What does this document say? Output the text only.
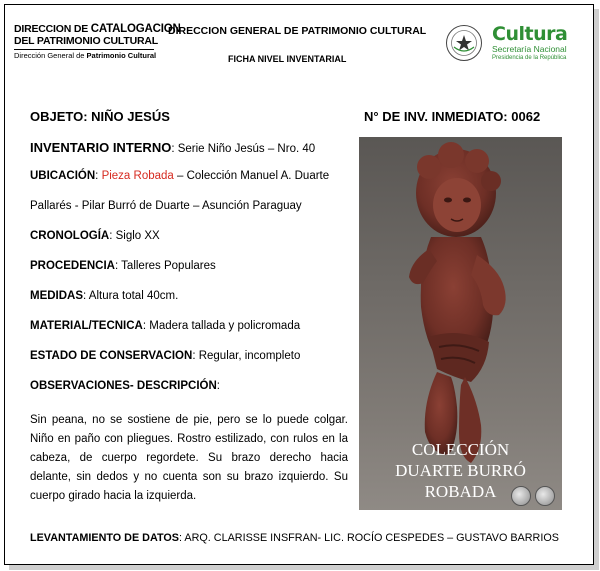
DIRECCION DE CATALOGACION
DEL PATRIMONIO CULTURAL
Dirección General de Patrimonio Cultural
DIRECCION GENERAL DE PATRIMONIO CULTURAL
FICHA NIVEL INVENTARIAL
Cultura
Secretaría Nacional
Presidencia de la República
OBJETO: NIÑO JESÚS	N° DE INV. INMEDIATO: 0062
INVENTARIO INTERNO: Serie Niño Jesús – Nro. 40
UBICACIÓN: Pieza Robada – Colección Manuel A. Duarte
Pallarés - Pilar Burró de Duarte – Asunción Paraguay
CRONOLOGÍA: Siglo XX
PROCEDENCIA: Talleres Populares
MEDIDAS: Altura total 40cm.
MATERIAL/TECNICA: Madera tallada y policromada
ESTADO DE CONSERVACION: Regular, incompleto
OBSERVACIONES- DESCRIPCIÓN:
Sin peana, no se sostiene de pie, pero se lo puede colgar. Niño en paño con pliegues. Rostro estilizado, con rulos en la cabeza, de cuerpo regordete. Su brazo derecho hacia delante, sin dedos y no cuenta son su brazo izquierdo. Su cuerpo girado hacia la izquierda.
COLECCIÓN
DUARTE BURRÓ
ROBADA
LEVANTAMIENTO DE DATOS: ARQ. CLARISSE INSFRAN- LIC. ROCÍO CESPEDES – GUSTAVO BARRIOS
